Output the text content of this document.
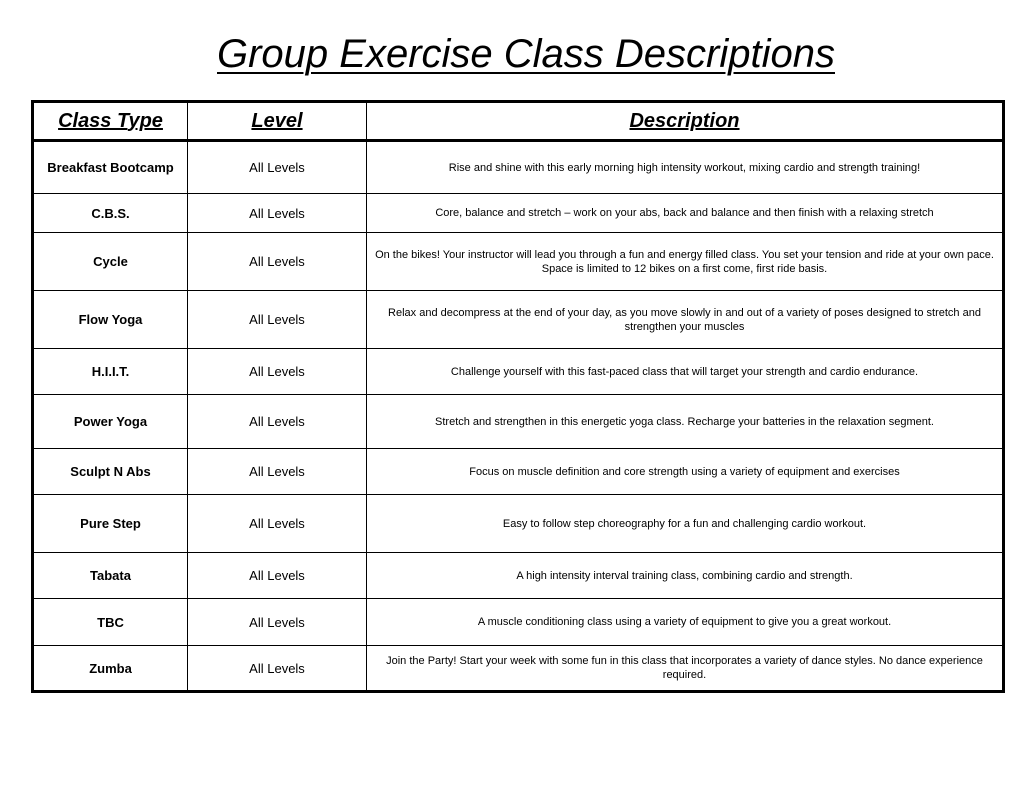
Group Exercise Class Descriptions
Class Type	Level	Description
Breakfast Bootcamp	All Levels	Rise and shine with this early morning high intensity workout, mixing cardio and strength training!
C.B.S.	All Levels	Core, balance and stretch – work on your abs, back and balance and then finish with a relaxing stretch
Cycle	All Levels	On the bikes! Your instructor will lead you through a fun and energy filled class. You set your tension and ride at your own pace. Space is limited to 12 bikes on a first come, first ride basis.
Flow Yoga	All Levels	Relax and decompress at the end of your day, as you move slowly in and out of a variety of poses designed to stretch and strengthen your muscles
H.I.I.T.	All Levels	Challenge yourself with this fast-paced class that will target your strength and cardio endurance.
Power Yoga	All Levels	Stretch and strengthen in this energetic yoga class. Recharge your batteries in the relaxation segment.
Sculpt N Abs	All Levels	Focus on muscle definition and core strength using a variety of equipment and exercises
Pure Step	All Levels	Easy to follow step choreography for a fun and challenging cardio workout.
Tabata	All Levels	A high intensity interval training class, combining cardio and strength.
TBC	All Levels	A muscle conditioning class using a variety of equipment to give you a great workout.
Zumba	All Levels	Join the Party! Start your week with some fun in this class that incorporates a variety of dance styles. No dance experience required.
